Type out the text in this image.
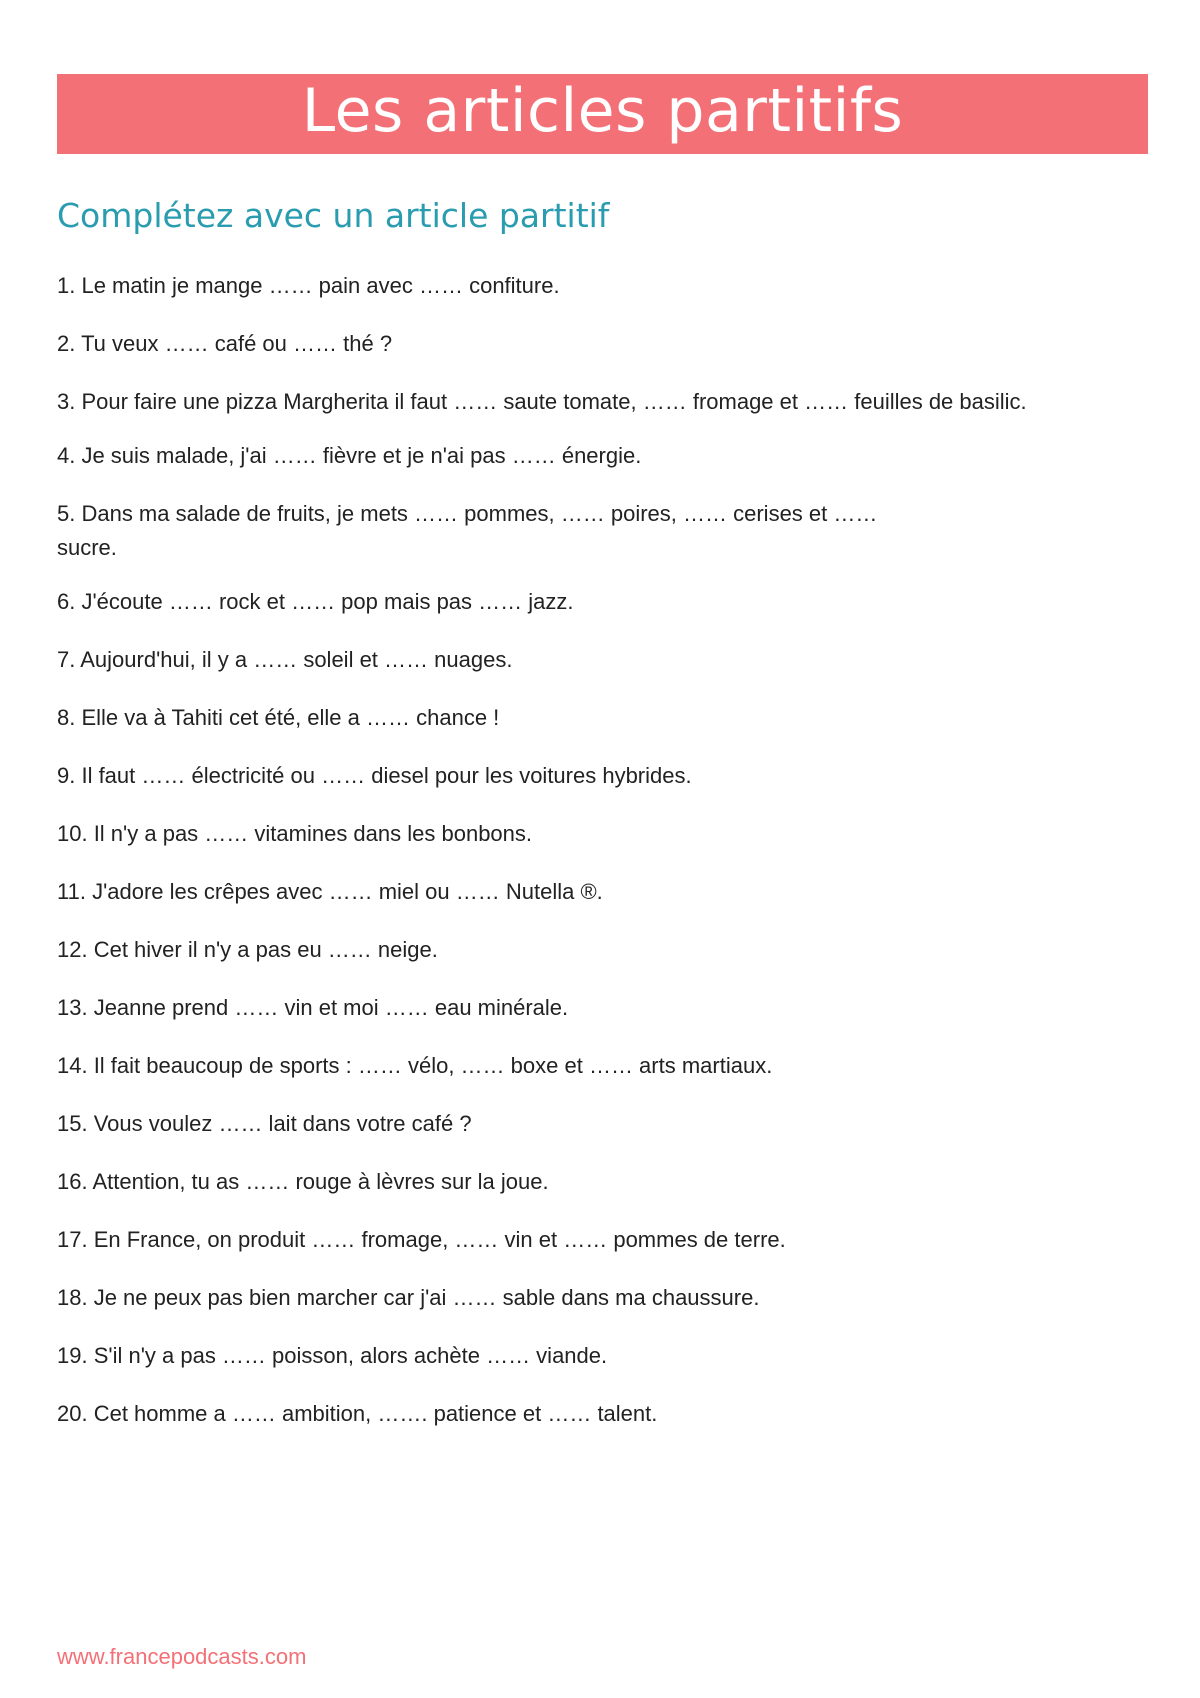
Les articles partitifs
Complétez avec un article partitif

1. Le matin je mange …… pain avec …… confiture.

2. Tu veux …… café ou …… thé ?

3. Pour faire une pizza Margherita il faut …… saute tomate, …… fromage et …… feuilles de basilic.

4. Je suis malade, j'ai …… fièvre et je n'ai pas …… énergie.

5. Dans ma salade de fruits, je mets …… pommes, …… poires, …… cerises et …… sucre.

6. J'écoute …… rock et …… pop mais pas …… jazz.

7. Aujourd'hui, il y a …… soleil et …… nuages.

8. Elle va à Tahiti cet été, elle a …… chance !

9. Il faut …… électricité ou …… diesel pour les voitures hybrides.

10. Il n'y a pas …… vitamines dans les bonbons.

11. J'adore les crêpes avec …… miel ou …… Nutella ®.

12. Cet hiver il n'y a pas eu …… neige.

13. Jeanne prend …… vin et moi …… eau minérale.

14. Il fait beaucoup de sports : …… vélo, …… boxe et …… arts martiaux.

15. Vous voulez …… lait dans votre café ?

16. Attention, tu as …… rouge à lèvres sur la joue.

17. En France, on produit …… fromage, …… vin et …… pommes de terre.

18. Je ne peux pas bien marcher car j'ai …… sable dans ma chaussure.

19. S'il n'y a pas …… poisson, alors achète …… viande.

20. Cet homme a …… ambition, ……. patience et …… talent.

www.francepodcasts.com
